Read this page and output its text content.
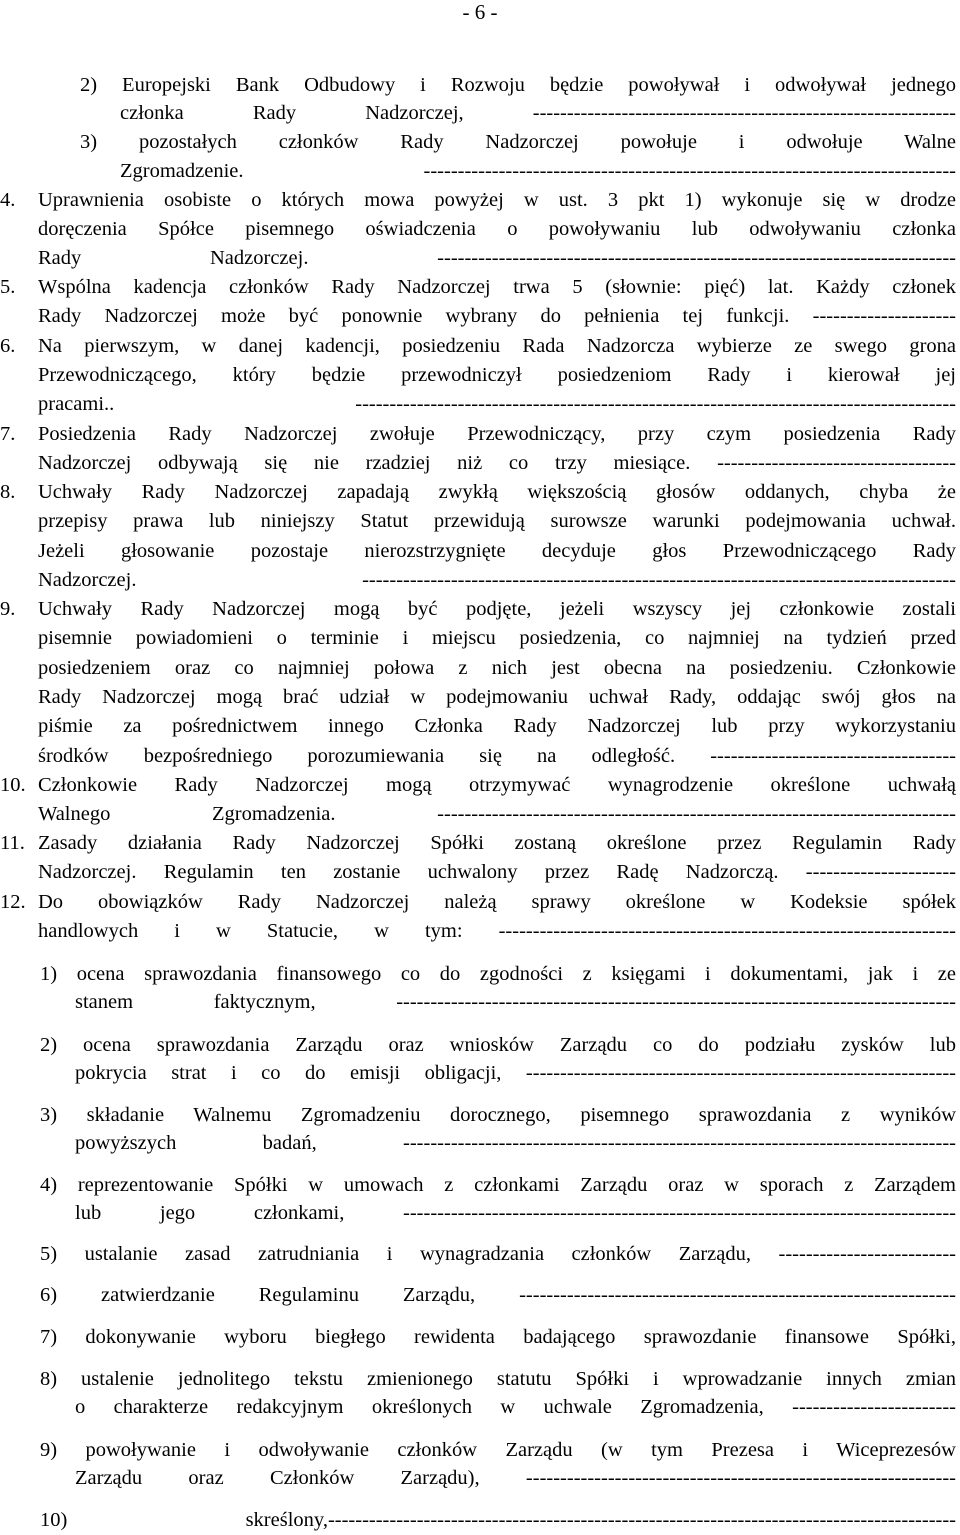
- 6 -
2) Europejski Bank Odbudowy i Rozwoju będzie powoływał i odwoływał jednego
członka Rady Nadzorczej, --------------------------------------------------------------
3) pozostałych członków Rady Nadzorczej powołuje i odwołuje Walne
Zgromadzenie. ------------------------------------------------------------------------------
4. Uprawnienia osobiste o których mowa powyżej w ust. 3 pkt 1) wykonuje się w drodze
doręczenia Spółce pisemnego oświadczenia o powoływaniu lub odwoływaniu członka
Rady Nadzorczej. ----------------------------------------------------------------------------
5. Wspólna kadencja członków Rady Nadzorczej trwa 5 (słownie: pięć) lat. Każdy członek
Rady Nadzorczej może być ponownie wybrany do pełnienia tej funkcji. ---------------------
6. Na pierwszym, w danej kadencji, posiedzeniu Rada Nadzorcza wybierze ze swego grona
Przewodniczącego, który będzie przewodniczył posiedzeniom Rady i kierował jej
pracami.. ----------------------------------------------------------------------------------------
7. Posiedzenia Rady Nadzorczej zwołuje Przewodniczący, przy czym posiedzenia Rady
Nadzorczej odbywają się nie rzadziej niż co trzy miesiące. -----------------------------------
8. Uchwały Rady Nadzorczej zapadają zwykłą większością głosów oddanych, chyba że
przepisy prawa lub niniejszy Statut przewidują surowsze warunki podejmowania uchwał.
Jeżeli głosowanie pozostaje nierozstrzygnięte decyduje głos Przewodniczącego Rady
Nadzorczej. ---------------------------------------------------------------------------------------
9. Uchwały Rady Nadzorczej mogą być podjęte, jeżeli wszyscy jej członkowie zostali
pisemnie powiadomieni o terminie i miejscu posiedzenia, co najmniej na tydzień przed
posiedzeniem oraz co najmniej połowa z nich jest obecna na posiedzeniu. Członkowie
Rady Nadzorczej mogą brać udział w podejmowaniu uchwał Rady, oddając swój głos na
piśmie za pośrednictwem innego Członka Rady Nadzorczej lub przy wykorzystaniu
środków bezpośredniego porozumiewania się na odległość. ------------------------------------
10. Członkowie Rady Nadzorczej mogą otrzymywać wynagrodzenie określone uchwałą
Walnego Zgromadzenia. ----------------------------------------------------------------------------
11. Zasady działania Rady Nadzorczej Spółki zostaną określone przez Regulamin Rady
Nadzorczej. Regulamin ten zostanie uchwalony przez Radę Nadzorczą. ----------------------
12. Do obowiązków Rady Nadzorczej należą sprawy określone w Kodeksie spółek
handlowych i w Statucie, w tym: -------------------------------------------------------------------
1) ocena sprawozdania finansowego co do zgodności z księgami i dokumentami, jak i ze
stanem faktycznym, ----------------------------------------------------------------------------------
2) ocena sprawozdania Zarządu oraz wniosków Zarządu co do podziału zysków lub
pokrycia strat i co do emisji obligacji, ---------------------------------------------------------------
3) składanie Walnemu Zgromadzeniu dorocznego, pisemnego sprawozdania z wyników
powyższych badań, ---------------------------------------------------------------------------------
4) reprezentowanie Spółki w umowach z członkami Zarządu oraz w sporach z Zarządem
lub jego członkami, ---------------------------------------------------------------------------------
5) ustalanie zasad zatrudniania i wynagradzania członków Zarządu, --------------------------
6) zatwierdzanie Regulaminu Zarządu, ----------------------------------------------------------------
7) dokonywanie wyboru biegłego rewidenta badającego sprawozdanie finansowe Spółki,
8) ustalenie jednolitego tekstu zmienionego statutu Spółki i wprowadzanie innych zmian
o charakterze redakcyjnym określonych w uchwale Zgromadzenia, ------------------------
9) powoływanie i odwoływanie członków Zarządu (w tym Prezesa i Wiceprezesów
Zarządu oraz Członków Zarządu), ---------------------------------------------------------------
10) skreślony,--------------------------------------------------------------------------------------------
